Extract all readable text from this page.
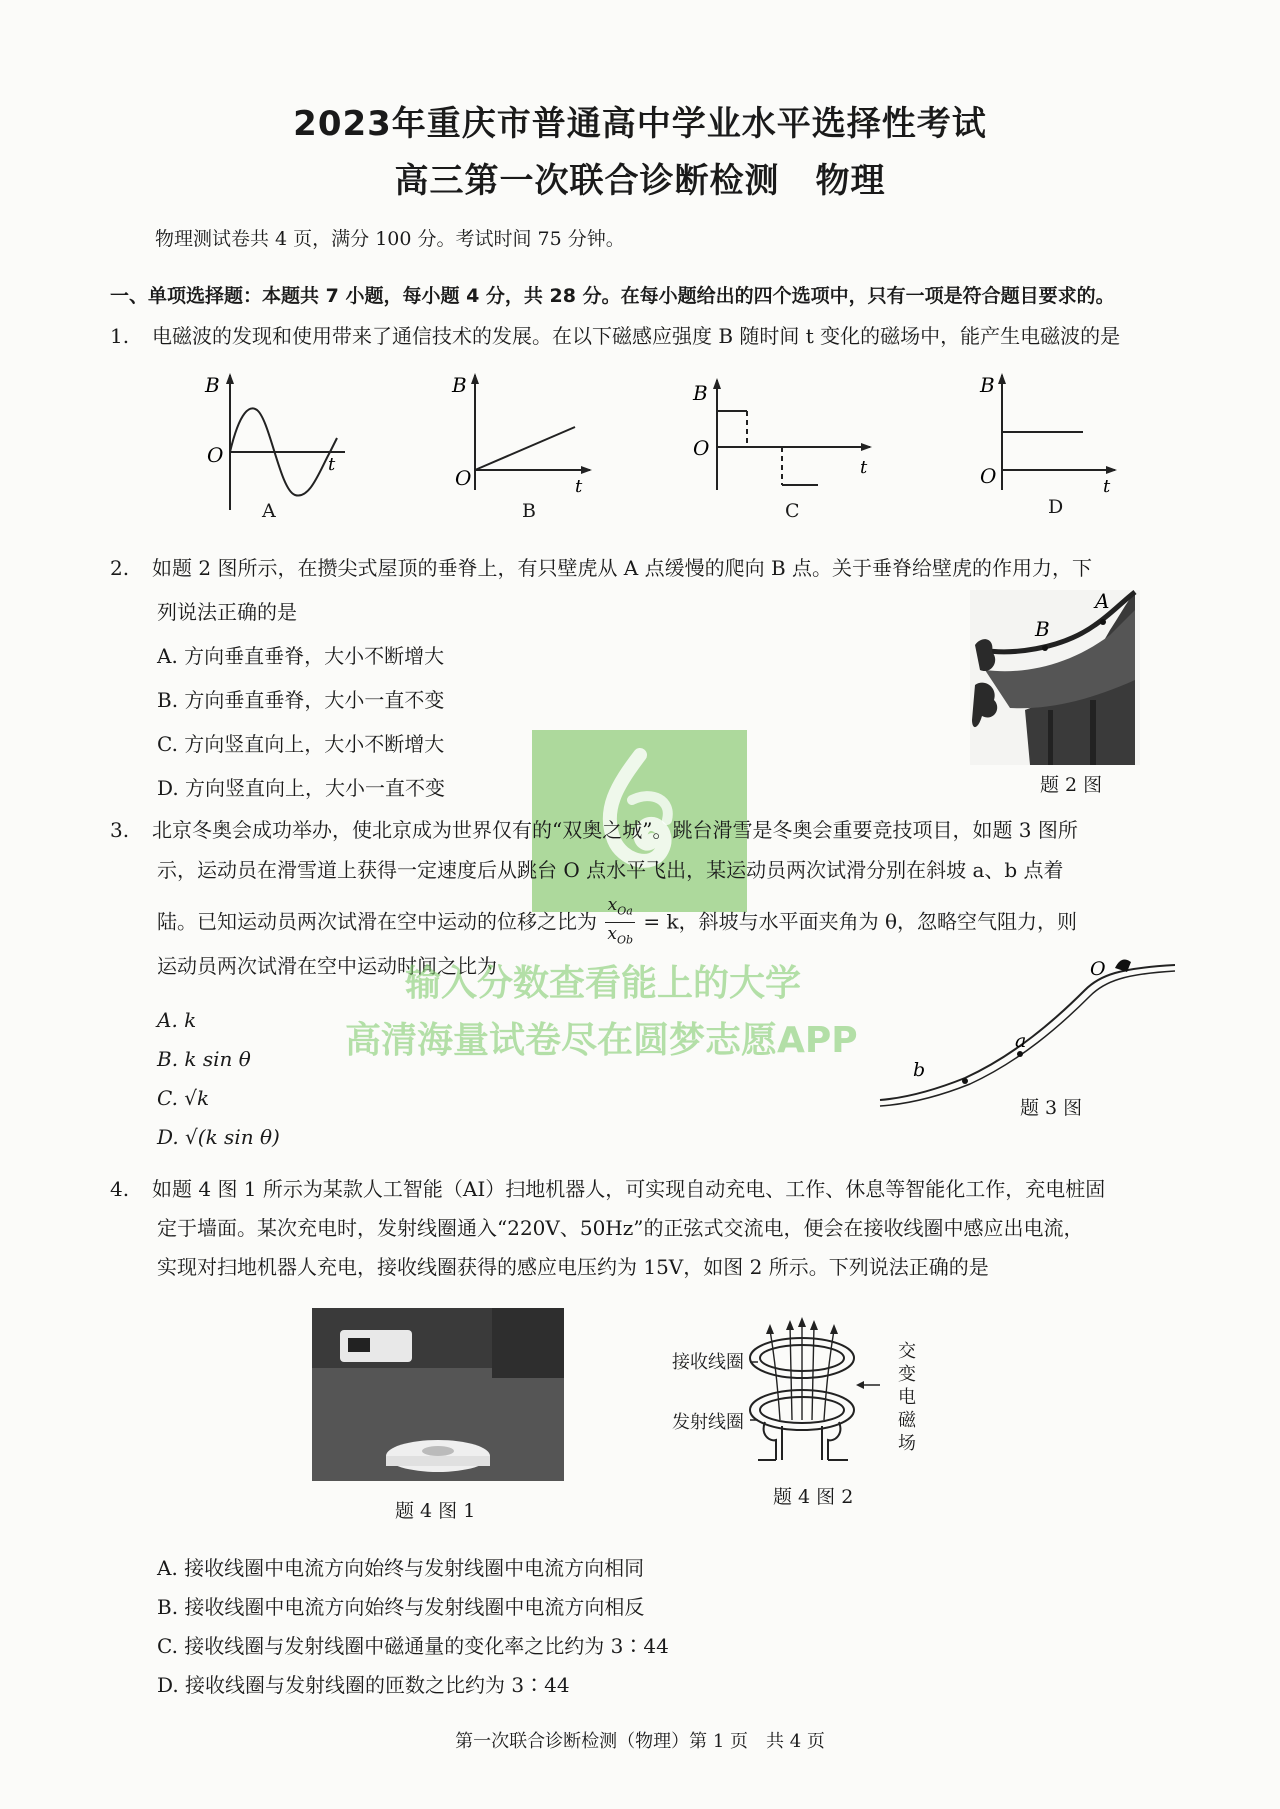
2023年重庆市普通高中学业水平选择性考试
高三第一次联合诊断检测 物理
物理测试卷共 4 页，满分 100 分。考试时间 75 分钟。
一、单项选择题：本题共 7 小题，每小题 4 分，共 28 分。在每小题给出的四个选项中，只有一项是符合题目要求的。
1. 电磁波的发现和使用带来了通信技术的发展。在以下磁感应强度 B 随时间 t 变化的磁场中，能产生电磁波的是
B
O	t
A
B
O	t
B
B
O
t
C
B
O	t
D
2. 如题 2 图所示，在攒尖式屋顶的垂脊上，有只壁虎从 A 点缓慢的爬向 B 点。关于垂脊给壁虎的作用力，下
列说法正确的是
A. 方向垂直垂脊，大小不断增大
B. 方向垂直垂脊，大小一直不变
C. 方向竖直向上，大小不断增大
D. 方向竖直向上，大小一直不变
A
B
题 2 图
3. 北京冬奥会成功举办，使北京成为世界仅有的“双奥之城”。跳台滑雪是冬奥会重要竞技项目，如题 3 图所
示，运动员在滑雪道上获得一定速度后从跳台 O 点水平飞出，某运动员两次试滑分别在斜坡 a、b 点着
陆。已知运动员两次试滑在空中运动的位移之比为
$x_{Oa}$
$x_{Ob}$
= k，斜坡与水平面夹角为 θ，忽略空气阻力，则
运动员两次试滑在空中运动时间之比为
输入分数查看能上的大学
高清海量试卷尽在圆梦志愿APP
A. k
B. k sin θ
C. √k
D. √(k sin θ)
O
a
b
题 3 图
4. 如题 4 图 1 所示为某款人工智能（AI）扫地机器人，可实现自动充电、工作、休息等智能化工作，充电桩固
定于墙面。某次充电时，发射线圈通入“220V、50Hz”的正弦式交流电，便会在接收线圈中感应出电流，
实现对扫地机器人充电，接收线圈获得的感应电压约为 15V，如图 2 所示。下列说法正确的是
题 4 图 1
接收线圈
发射线圈
交
变
电
磁
场
题 4 图 2
A. 接收线圈中电流方向始终与发射线圈中电流方向相同
B. 接收线圈中电流方向始终与发射线圈中电流方向相反
C. 接收线圈与发射线圈中磁通量的变化率之比约为 3∶44
D. 接收线圈与发射线圈的匝数之比约为 3∶44
第一次联合诊断检测（物理）第 1 页　共 4 页
